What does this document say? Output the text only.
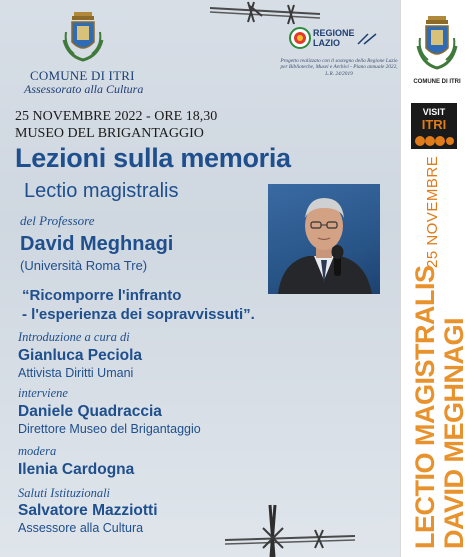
COMUNE DI ITRI
Assessorato alla Cultura
REGIONE LAZIO
Progetto realizzato con il sostegno della Regione Lazio per Biblioteche, Musei e Archivi - Piano annuale 2022, L.R. 24/2019
25 NOVEMBRE 2022 - ORE 18,30
MUSEO DEL BRIGANTAGGIO
Lezioni sulla memoria
Lectio magistralis
del Professore
David Meghnagi
(Università Roma Tre)
“Ricomporre l'infranto
- l'esperienza dei sopravvissuti”.
Introduzione a cura di
Gianluca Peciola
Attivista Diritti Umani
interviene
Daniele Quadraccia
Direttore Museo del Brigantaggio
modera
Ilenia Cardogna
Saluti Istituzionali
Salvatore Mazziotti
Assessore alla Cultura
COMUNE DI ITRI
VISIT
ITRI
25 NOVEMBRE
LECTIO MAGISTRALIS DAVID MEGHNAGI
